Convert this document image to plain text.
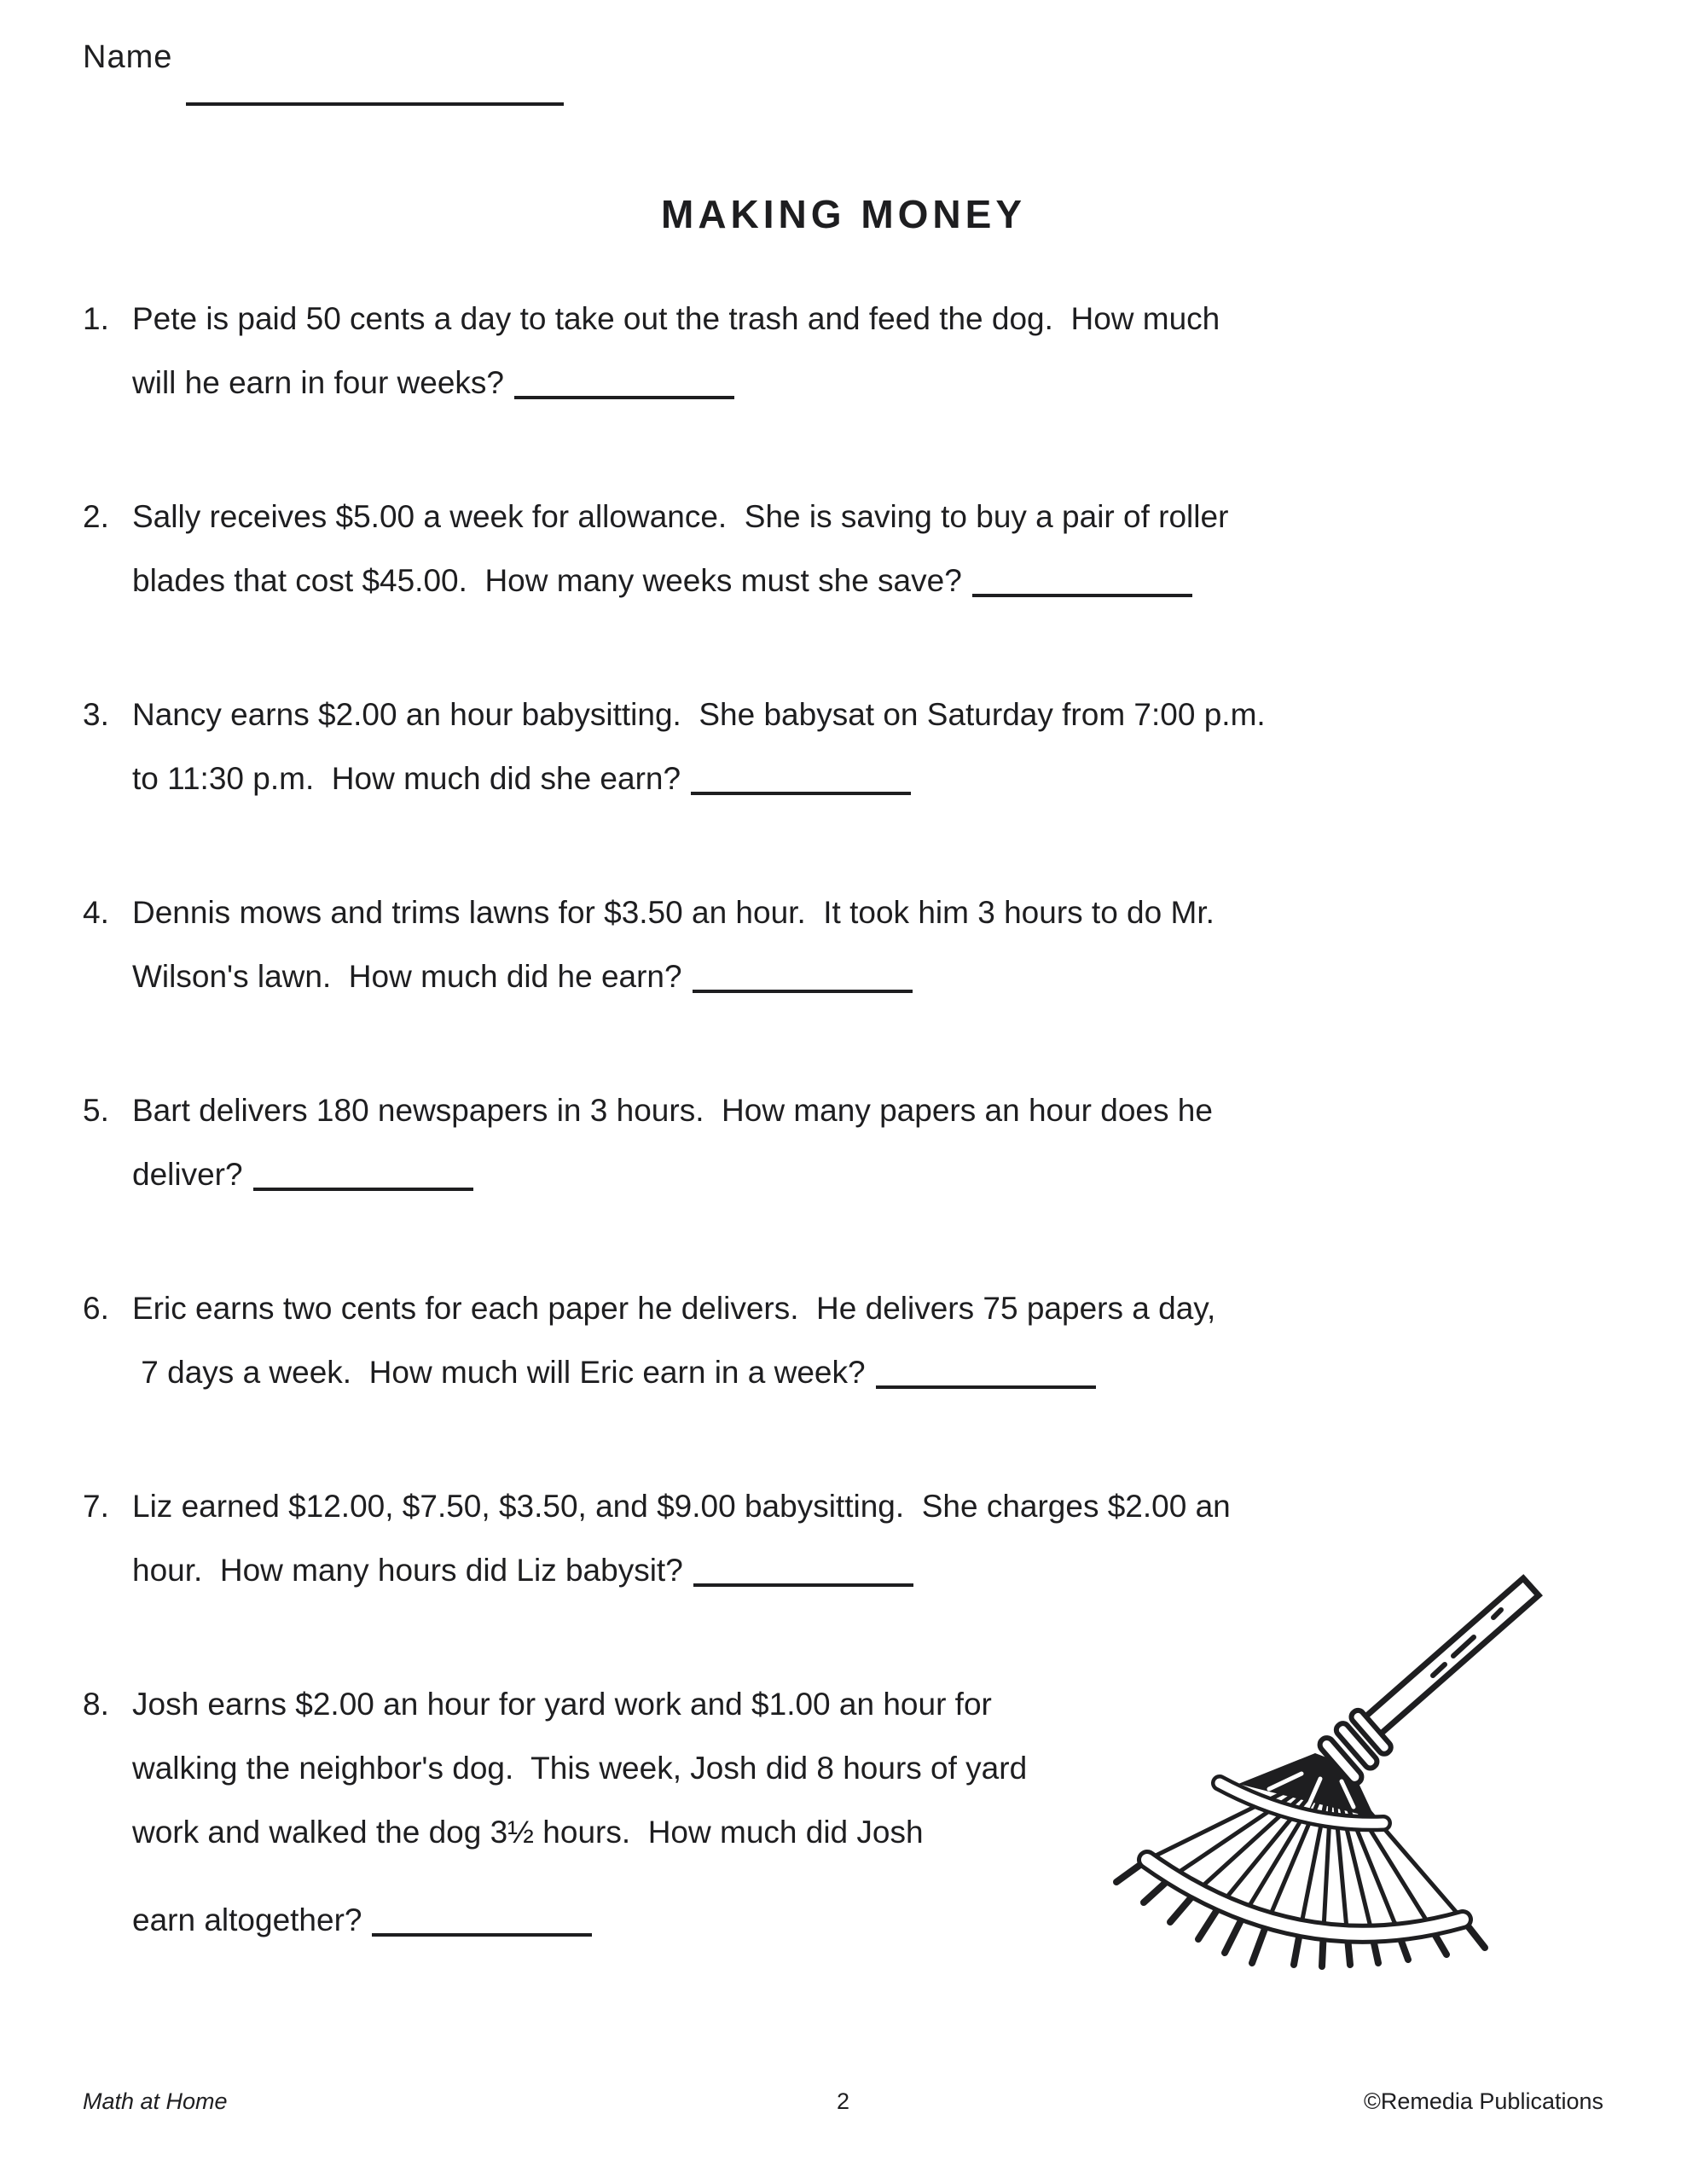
Name
MAKING MONEY
1. Pete is paid 50 cents a day to take out the trash and feed the dog.  How much
will he earn in four weeks?
2. Sally receives $5.00 a week for allowance.  She is saving to buy a pair of roller
blades that cost $45.00.  How many weeks must she save?
3. Nancy earns $2.00 an hour babysitting.  She babysat on Saturday from 7:00 p.m.
to 11:30 p.m.  How much did she earn?
4. Dennis mows and trims lawns for $3.50 an hour.  It took him 3 hours to do Mr.
Wilson's lawn.  How much did he earn?
5. Bart delivers 180 newspapers in 3 hours.  How many papers an hour does he
deliver?
6. Eric earns two cents for each paper he delivers.  He delivers 75 papers a day,
7 days a week.  How much will Eric earn in a week?
7. Liz earned $12.00, $7.50, $3.50, and $9.00 babysitting.  She charges $2.00 an
hour.  How many hours did Liz babysit?
8. Josh earns $2.00 an hour for yard work and $1.00 an hour for
walking the neighbor's dog.  This week, Josh did 8 hours of yard
work and walked the dog 3½ hours.  How much did Josh
earn altogether?
Math at Home	2	©Remedia Publications
